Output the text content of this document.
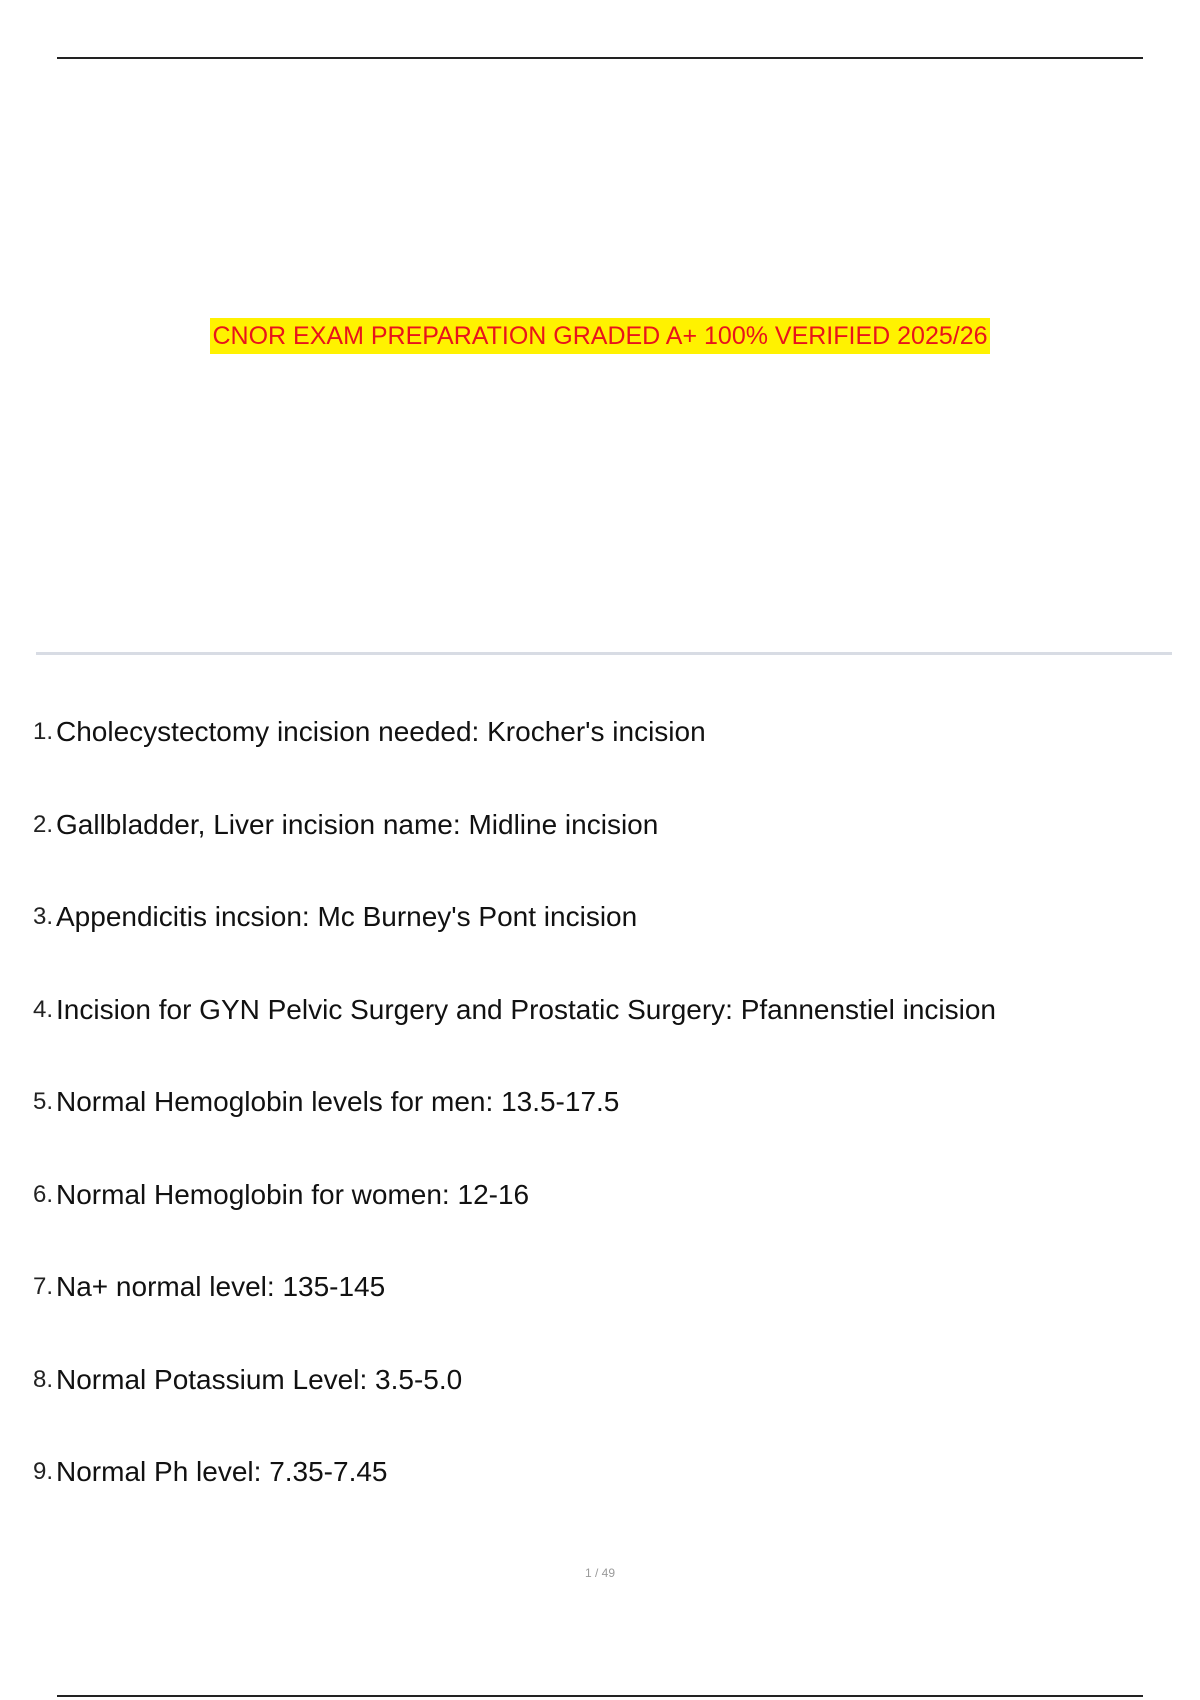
CNOR EXAM PREPARATION GRADED A+ 100% VERIFIED 2025/26
1. Cholecystectomy incision needed:
Krocher's incision
2. Gallbladder, Liver incision name:
Midline incision
3. Appendicitis incsion:
Mc Burney's Pont incision
4. Incision for GYN Pelvic Surgery and Prostatic Surgery:
Pfannenstiel incision
5. Normal Hemoglobin levels for men:
13.5-17.5
6. Normal Hemoglobin for women:
12-16
7. Na+ normal level:
135-145
8. Normal Potassium Level:
3.5-5.0
9. Normal Ph level:
7.35-7.45
1 / 49
